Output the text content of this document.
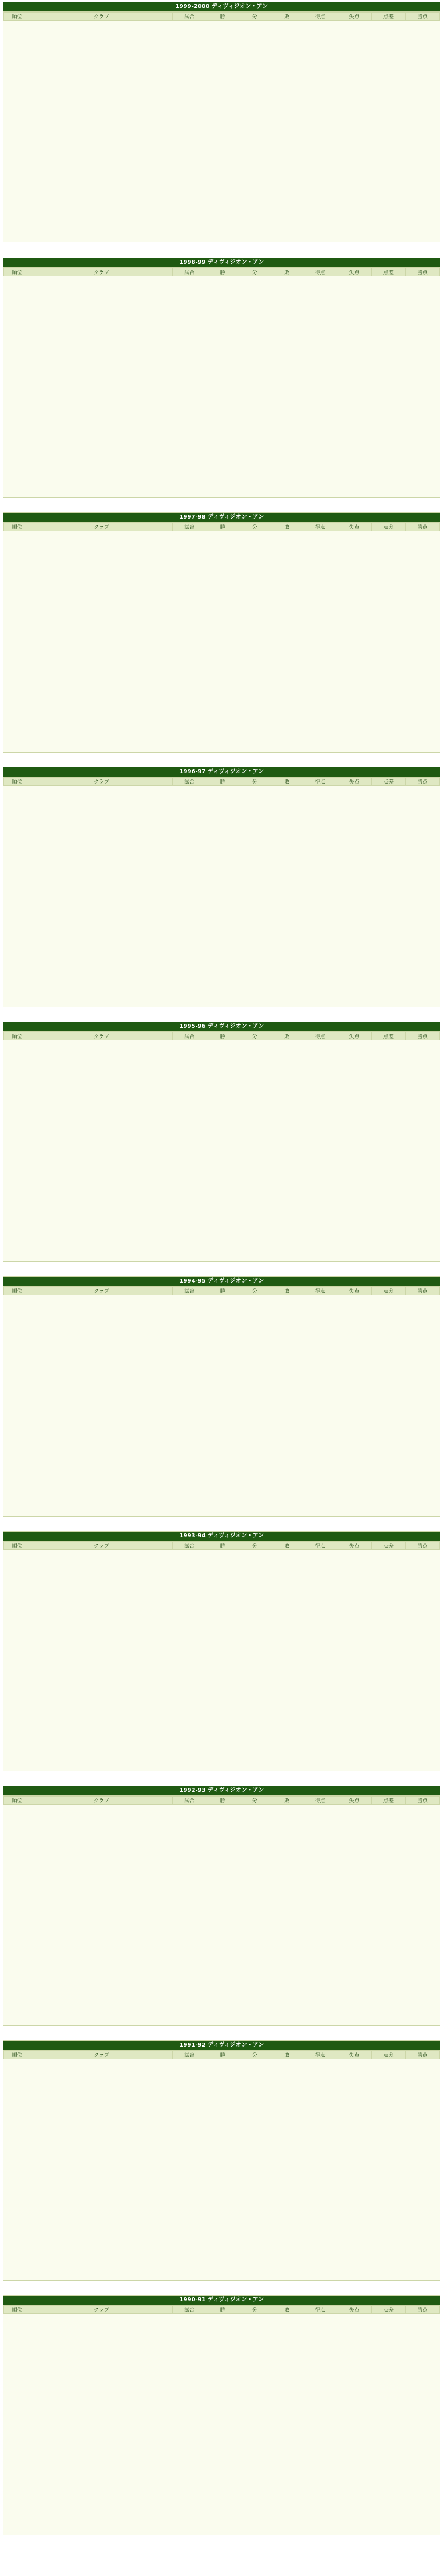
1999-2000 ディヴィジオン・アン
順位	クラブ	試合	勝	分	敗	得点	失点	点差	勝点
1998-99 ディヴィジオン・アン
順位	クラブ	試合	勝	分	敗	得点	失点	点差	勝点
1997-98 ディヴィジオン・アン
順位	クラブ	試合	勝	分	敗	得点	失点	点差	勝点
1996-97 ディヴィジオン・アン
順位	クラブ	試合	勝	分	敗	得点	失点	点差	勝点
1995-96 ディヴィジオン・アン
順位	クラブ	試合	勝	分	敗	得点	失点	点差	勝点
1994-95 ディヴィジオン・アン
順位	クラブ	試合	勝	分	敗	得点	失点	点差	勝点
1993-94 ディヴィジオン・アン
順位	クラブ	試合	勝	分	敗	得点	失点	点差	勝点
1992-93 ディヴィジオン・アン
順位	クラブ	試合	勝	分	敗	得点	失点	点差	勝点
1991-92 ディヴィジオン・アン
順位	クラブ	試合	勝	分	敗	得点	失点	点差	勝点
1990-91 ディヴィジオン・アン
順位	クラブ	試合	勝	分	敗	得点	失点	点差	勝点
